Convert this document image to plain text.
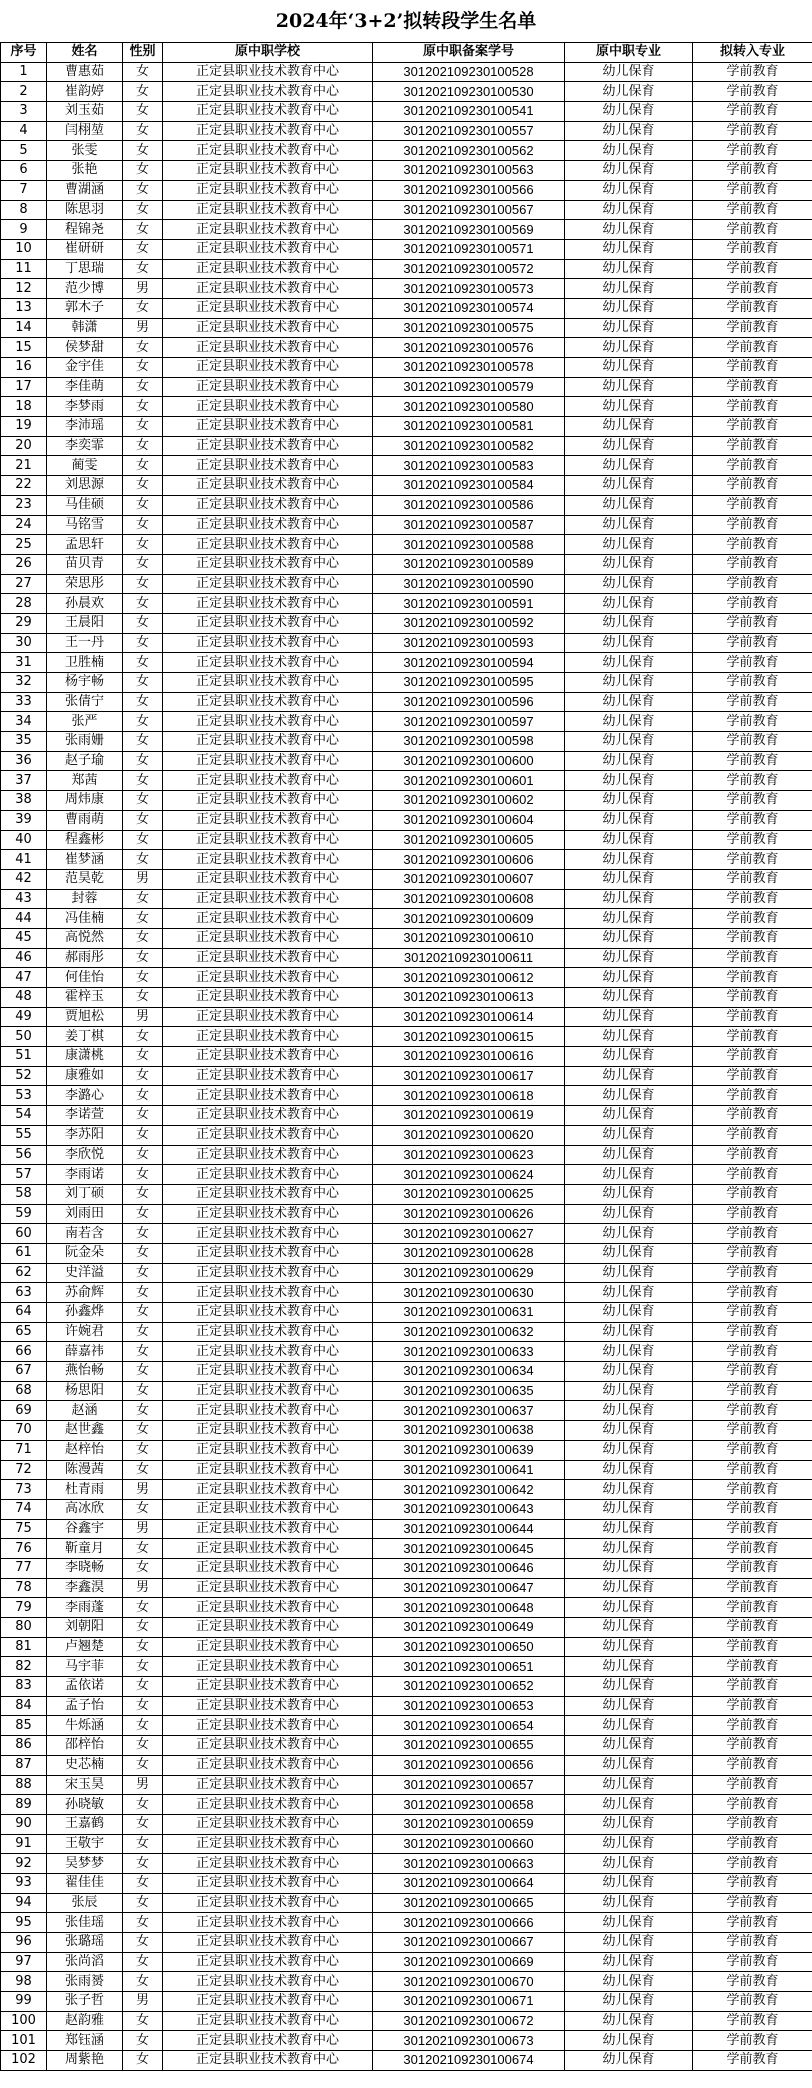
2024年‘3+2’拟转段学生名单
序号	姓名	性别	原中职学校	原中职备案学号	原中职专业	拟转入专业
1	曹惠茹	女	正定县职业技术教育中心	301202109230100528	幼儿保育	学前教育
2	崔韵婷	女	正定县职业技术教育中心	301202109230100530	幼儿保育	学前教育
3	刘玉茹	女	正定县职业技术教育中心	301202109230100541	幼儿保育	学前教育
4	闫栩堃	女	正定县职业技术教育中心	301202109230100557	幼儿保育	学前教育
5	张雯	女	正定县职业技术教育中心	301202109230100562	幼儿保育	学前教育
6	张艳	女	正定县职业技术教育中心	301202109230100563	幼儿保育	学前教育
7	曹湖涵	女	正定县职业技术教育中心	301202109230100566	幼儿保育	学前教育
8	陈思羽	女	正定县职业技术教育中心	301202109230100567	幼儿保育	学前教育
9	程锦尧	女	正定县职业技术教育中心	301202109230100569	幼儿保育	学前教育
10	崔研研	女	正定县职业技术教育中心	301202109230100571	幼儿保育	学前教育
11	丁思瑞	女	正定县职业技术教育中心	301202109230100572	幼儿保育	学前教育
12	范少博	男	正定县职业技术教育中心	301202109230100573	幼儿保育	学前教育
13	郭木子	女	正定县职业技术教育中心	301202109230100574	幼儿保育	学前教育
14	韩潇	男	正定县职业技术教育中心	301202109230100575	幼儿保育	学前教育
15	侯梦甜	女	正定县职业技术教育中心	301202109230100576	幼儿保育	学前教育
16	金宇佳	女	正定县职业技术教育中心	301202109230100578	幼儿保育	学前教育
17	李佳萌	女	正定县职业技术教育中心	301202109230100579	幼儿保育	学前教育
18	李梦雨	女	正定县职业技术教育中心	301202109230100580	幼儿保育	学前教育
19	李沛瑶	女	正定县职业技术教育中心	301202109230100581	幼儿保育	学前教育
20	李奕霏	女	正定县职业技术教育中心	301202109230100582	幼儿保育	学前教育
21	蔺雯	女	正定县职业技术教育中心	301202109230100583	幼儿保育	学前教育
22	刘思源	女	正定县职业技术教育中心	301202109230100584	幼儿保育	学前教育
23	马佳硕	女	正定县职业技术教育中心	301202109230100586	幼儿保育	学前教育
24	马铭雪	女	正定县职业技术教育中心	301202109230100587	幼儿保育	学前教育
25	孟思轩	女	正定县职业技术教育中心	301202109230100588	幼儿保育	学前教育
26	苗贝青	女	正定县职业技术教育中心	301202109230100589	幼儿保育	学前教育
27	荣思彤	女	正定县职业技术教育中心	301202109230100590	幼儿保育	学前教育
28	孙晨欢	女	正定县职业技术教育中心	301202109230100591	幼儿保育	学前教育
29	王晨阳	女	正定县职业技术教育中心	301202109230100592	幼儿保育	学前教育
30	王一丹	女	正定县职业技术教育中心	301202109230100593	幼儿保育	学前教育
31	卫胜楠	女	正定县职业技术教育中心	301202109230100594	幼儿保育	学前教育
32	杨宇畅	女	正定县职业技术教育中心	301202109230100595	幼儿保育	学前教育
33	张倩宁	女	正定县职业技术教育中心	301202109230100596	幼儿保育	学前教育
34	张严	女	正定县职业技术教育中心	301202109230100597	幼儿保育	学前教育
35	张雨姗	女	正定县职业技术教育中心	301202109230100598	幼儿保育	学前教育
36	赵子瑜	女	正定县职业技术教育中心	301202109230100600	幼儿保育	学前教育
37	郑茜	女	正定县职业技术教育中心	301202109230100601	幼儿保育	学前教育
38	周炜康	女	正定县职业技术教育中心	301202109230100602	幼儿保育	学前教育
39	曹雨萌	女	正定县职业技术教育中心	301202109230100604	幼儿保育	学前教育
40	程鑫彬	女	正定县职业技术教育中心	301202109230100605	幼儿保育	学前教育
41	崔梦涵	女	正定县职业技术教育中心	301202109230100606	幼儿保育	学前教育
42	范昊乾	男	正定县职业技术教育中心	301202109230100607	幼儿保育	学前教育
43	封蓉	女	正定县职业技术教育中心	301202109230100608	幼儿保育	学前教育
44	冯佳楠	女	正定县职业技术教育中心	301202109230100609	幼儿保育	学前教育
45	高悦然	女	正定县职业技术教育中心	301202109230100610	幼儿保育	学前教育
46	郝雨彤	女	正定县职业技术教育中心	301202109230100611	幼儿保育	学前教育
47	何佳怡	女	正定县职业技术教育中心	301202109230100612	幼儿保育	学前教育
48	霍梓玉	女	正定县职业技术教育中心	301202109230100613	幼儿保育	学前教育
49	贾旭松	男	正定县职业技术教育中心	301202109230100614	幼儿保育	学前教育
50	姜丁棋	女	正定县职业技术教育中心	301202109230100615	幼儿保育	学前教育
51	康潇桃	女	正定县职业技术教育中心	301202109230100616	幼儿保育	学前教育
52	康雅如	女	正定县职业技术教育中心	301202109230100617	幼儿保育	学前教育
53	李潞心	女	正定县职业技术教育中心	301202109230100618	幼儿保育	学前教育
54	李诺萱	女	正定县职业技术教育中心	301202109230100619	幼儿保育	学前教育
55	李苏阳	女	正定县职业技术教育中心	301202109230100620	幼儿保育	学前教育
56	李欣悦	女	正定县职业技术教育中心	301202109230100623	幼儿保育	学前教育
57	李雨诺	女	正定县职业技术教育中心	301202109230100624	幼儿保育	学前教育
58	刘丁硕	女	正定县职业技术教育中心	301202109230100625	幼儿保育	学前教育
59	刘雨田	女	正定县职业技术教育中心	301202109230100626	幼儿保育	学前教育
60	南若含	女	正定县职业技术教育中心	301202109230100627	幼儿保育	学前教育
61	阮金朵	女	正定县职业技术教育中心	301202109230100628	幼儿保育	学前教育
62	史洋溢	女	正定县职业技术教育中心	301202109230100629	幼儿保育	学前教育
63	苏俞辉	女	正定县职业技术教育中心	301202109230100630	幼儿保育	学前教育
64	孙鑫烨	女	正定县职业技术教育中心	301202109230100631	幼儿保育	学前教育
65	许婉君	女	正定县职业技术教育中心	301202109230100632	幼儿保育	学前教育
66	薛嘉祎	女	正定县职业技术教育中心	301202109230100633	幼儿保育	学前教育
67	燕怡畅	女	正定县职业技术教育中心	301202109230100634	幼儿保育	学前教育
68	杨思阳	女	正定县职业技术教育中心	301202109230100635	幼儿保育	学前教育
69	赵涵	女	正定县职业技术教育中心	301202109230100637	幼儿保育	学前教育
70	赵世鑫	女	正定县职业技术教育中心	301202109230100638	幼儿保育	学前教育
71	赵梓怡	女	正定县职业技术教育中心	301202109230100639	幼儿保育	学前教育
72	陈漫茜	女	正定县职业技术教育中心	301202109230100641	幼儿保育	学前教育
73	杜青雨	男	正定县职业技术教育中心	301202109230100642	幼儿保育	学前教育
74	高冰欣	女	正定县职业技术教育中心	301202109230100643	幼儿保育	学前教育
75	谷鑫宇	男	正定县职业技术教育中心	301202109230100644	幼儿保育	学前教育
76	靳童月	女	正定县职业技术教育中心	301202109230100645	幼儿保育	学前教育
77	李晓畅	女	正定县职业技术教育中心	301202109230100646	幼儿保育	学前教育
78	李鑫淏	男	正定县职业技术教育中心	301202109230100647	幼儿保育	学前教育
79	李雨蓬	女	正定县职业技术教育中心	301202109230100648	幼儿保育	学前教育
80	刘朝阳	女	正定县职业技术教育中心	301202109230100649	幼儿保育	学前教育
81	卢翘楚	女	正定县职业技术教育中心	301202109230100650	幼儿保育	学前教育
82	马宇菲	女	正定县职业技术教育中心	301202109230100651	幼儿保育	学前教育
83	孟依诺	女	正定县职业技术教育中心	301202109230100652	幼儿保育	学前教育
84	孟子怡	女	正定县职业技术教育中心	301202109230100653	幼儿保育	学前教育
85	牛烁涵	女	正定县职业技术教育中心	301202109230100654	幼儿保育	学前教育
86	邵梓怡	女	正定县职业技术教育中心	301202109230100655	幼儿保育	学前教育
87	史芯楠	女	正定县职业技术教育中心	301202109230100656	幼儿保育	学前教育
88	宋玉昊	男	正定县职业技术教育中心	301202109230100657	幼儿保育	学前教育
89	孙晓敏	女	正定县职业技术教育中心	301202109230100658	幼儿保育	学前教育
90	王嘉鹤	女	正定县职业技术教育中心	301202109230100659	幼儿保育	学前教育
91	王敬宇	女	正定县职业技术教育中心	301202109230100660	幼儿保育	学前教育
92	吴梦梦	女	正定县职业技术教育中心	301202109230100663	幼儿保育	学前教育
93	翟佳佳	女	正定县职业技术教育中心	301202109230100664	幼儿保育	学前教育
94	张辰	女	正定县职业技术教育中心	301202109230100665	幼儿保育	学前教育
95	张佳瑶	女	正定县职业技术教育中心	301202109230100666	幼儿保育	学前教育
96	张璐瑶	女	正定县职业技术教育中心	301202109230100667	幼儿保育	学前教育
97	张尚滔	女	正定县职业技术教育中心	301202109230100669	幼儿保育	学前教育
98	张雨赟	女	正定县职业技术教育中心	301202109230100670	幼儿保育	学前教育
99	张子哲	男	正定县职业技术教育中心	301202109230100671	幼儿保育	学前教育
100	赵韵雅	女	正定县职业技术教育中心	301202109230100672	幼儿保育	学前教育
101	郑钰涵	女	正定县职业技术教育中心	301202109230100673	幼儿保育	学前教育
102	周紫艳	女	正定县职业技术教育中心	301202109230100674	幼儿保育	学前教育
